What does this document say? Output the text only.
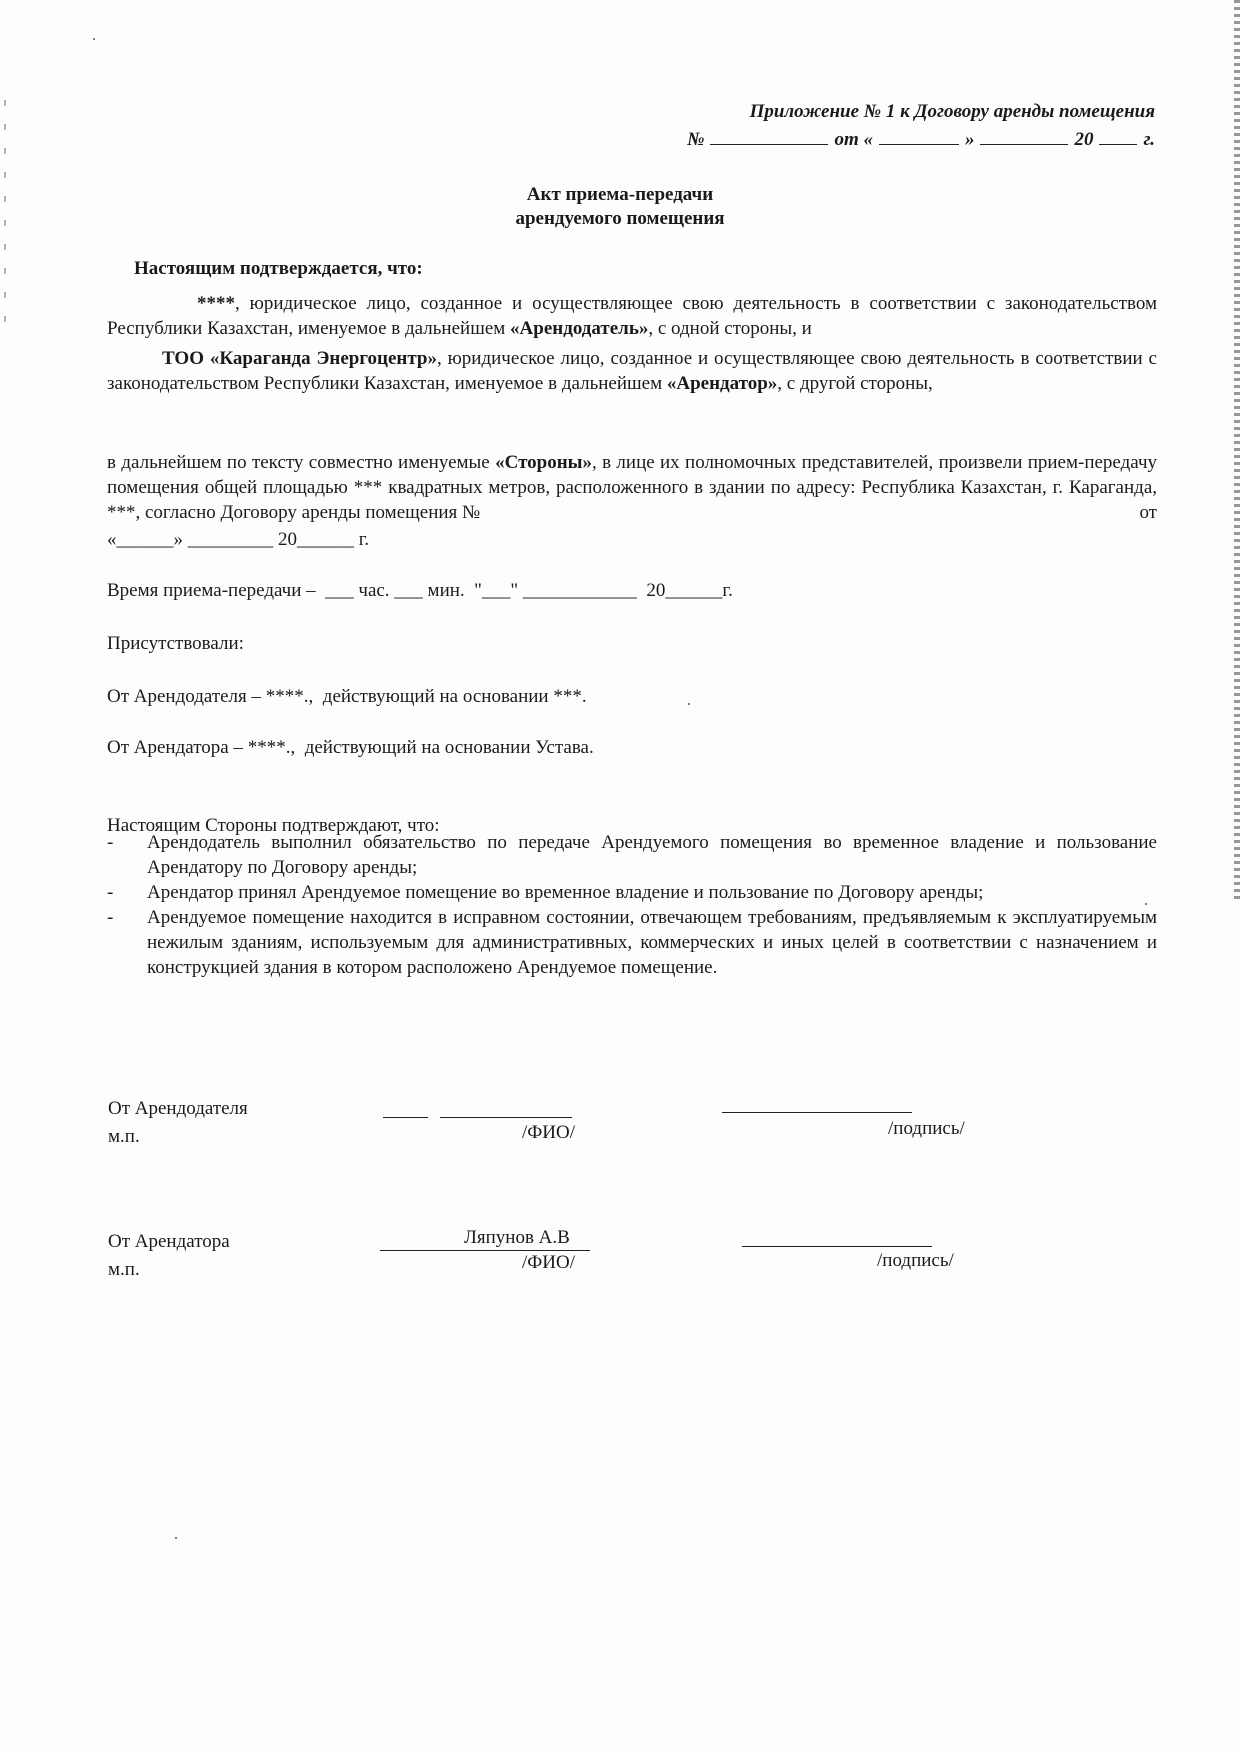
Приложение № 1 к Договору аренды помещения
№	от «	»	20	г.
Акт приема-передачи
арендуемого помещения
Настоящим подтверждается, что:
****, юридическое лицо, созданное и осуществляющее свою деятельность в соответствии с законодательством Республики Казахстан, именуемое в дальнейшем «Арендодатель», с одной стороны, и
ТОО «Караганда Энергоцентр», юридическое лицо, созданное и осуществляющее свою деятельность в соответствии с законодательством Республики Казахстан, именуемое в дальнейшем «Арендатор», с другой стороны,
в дальнейшем по тексту совместно именуемые «Стороны», в лице их полномочных представителей, произвели прием-передачу помещения общей площадью *** квадратных метров, расположенного в здании по адресу: Республика Казахстан, г. Караганда, ***, согласно Договору аренды помещения №	от
«______» _________ 20______ г.
Время приема-передачи –  ___ час. ___ мин.  "___" ____________  20______г.
Присутствовали:
От Арендодателя – ****.,  действующий на основании ***.
От Арендатора – ****.,  действующий на основании Устава.
Настоящим Стороны подтверждают, что:
-	Арендодатель выполнил обязательство по передаче Арендуемого помещения во временное владение и пользование Арендатору по Договору аренды;
-	Арендатор принял Арендуемое помещение во временное владение и пользование по Договору аренды;
-	Арендуемое помещение находится в исправном состоянии, отвечающем требованиям, предъявляемым к эксплуатируемым нежилым зданиям, используемым для административных, коммерческих и иных целей в соответствии с назначением и конструкцией здания в котором расположено Арендуемое помещение.
От Арендодателя
м.п.	/ФИО/	/подпись/
От Арендатора
м.п.
Ляпунов А.В
/ФИО/	/подпись/
